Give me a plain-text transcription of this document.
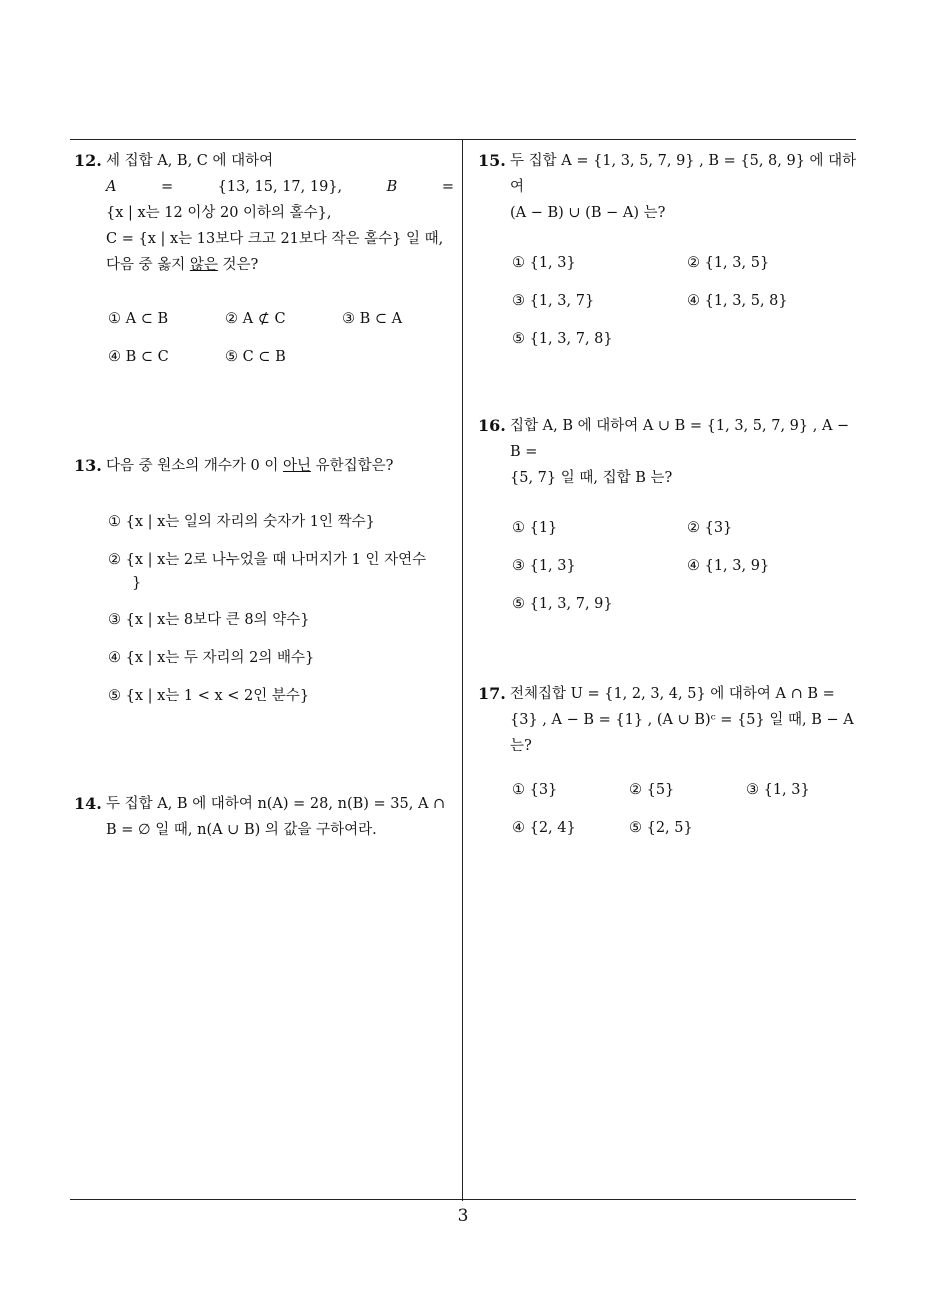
12. 세 집합 A, B, C 에 대하여
A	=	{13, 15, 17, 19},	B	=
{x | x는 12 이상 20 이하의 홀수},
C = {x | x는 13보다 크고 21보다 작은 홀수} 일 때,
다음 중 옳지 않은 것은?
① A ⊂ B	② A ⊄ C	③ B ⊂ A
④ B ⊂ C	⑤ C ⊂ B
13. 다음 중 원소의 개수가 0 이 아닌 유한집합은?
① {x | x는 일의 자리의 숫자가 1인 짝수}
② {x | x는 2로 나누었을 때 나머지가 1 인 자연수
}
③ {x | x는 8보다 큰 8의 약수}
④ {x | x는 두 자리의 2의 배수}
⑤ {x | x는 1 < x < 2인 분수}
14. 두 집합 A, B 에 대하여 n(A) = 28, n(B) = 35, A ∩
B = ∅ 일 때, n(A ∪ B) 의 값을 구하여라.
15. 두 집합 A = {1, 3, 5, 7, 9} , B = {5, 8, 9} 에 대하여
(A − B) ∪ (B − A) 는?
① {1, 3}	② {1, 3, 5}
③ {1, 3, 7}	④ {1, 3, 5, 8}
⑤ {1, 3, 7, 8}
16. 집합 A, B 에 대하여 A ∪ B = {1, 3, 5, 7, 9} , A − B =
{5, 7} 일 때, 집합 B 는?
① {1}	② {3}
③ {1, 3}	④ {1, 3, 9}
⑤ {1, 3, 7, 9}
17. 전체집합 U = {1, 2, 3, 4, 5} 에 대하여 A ∩ B =
{3} , A − B = {1} , (A ∪ B)ᶜ = {5} 일 때, B − A
는?
① {3}	② {5}	③ {1, 3}
④ {2, 4}	⑤ {2, 5}
3
